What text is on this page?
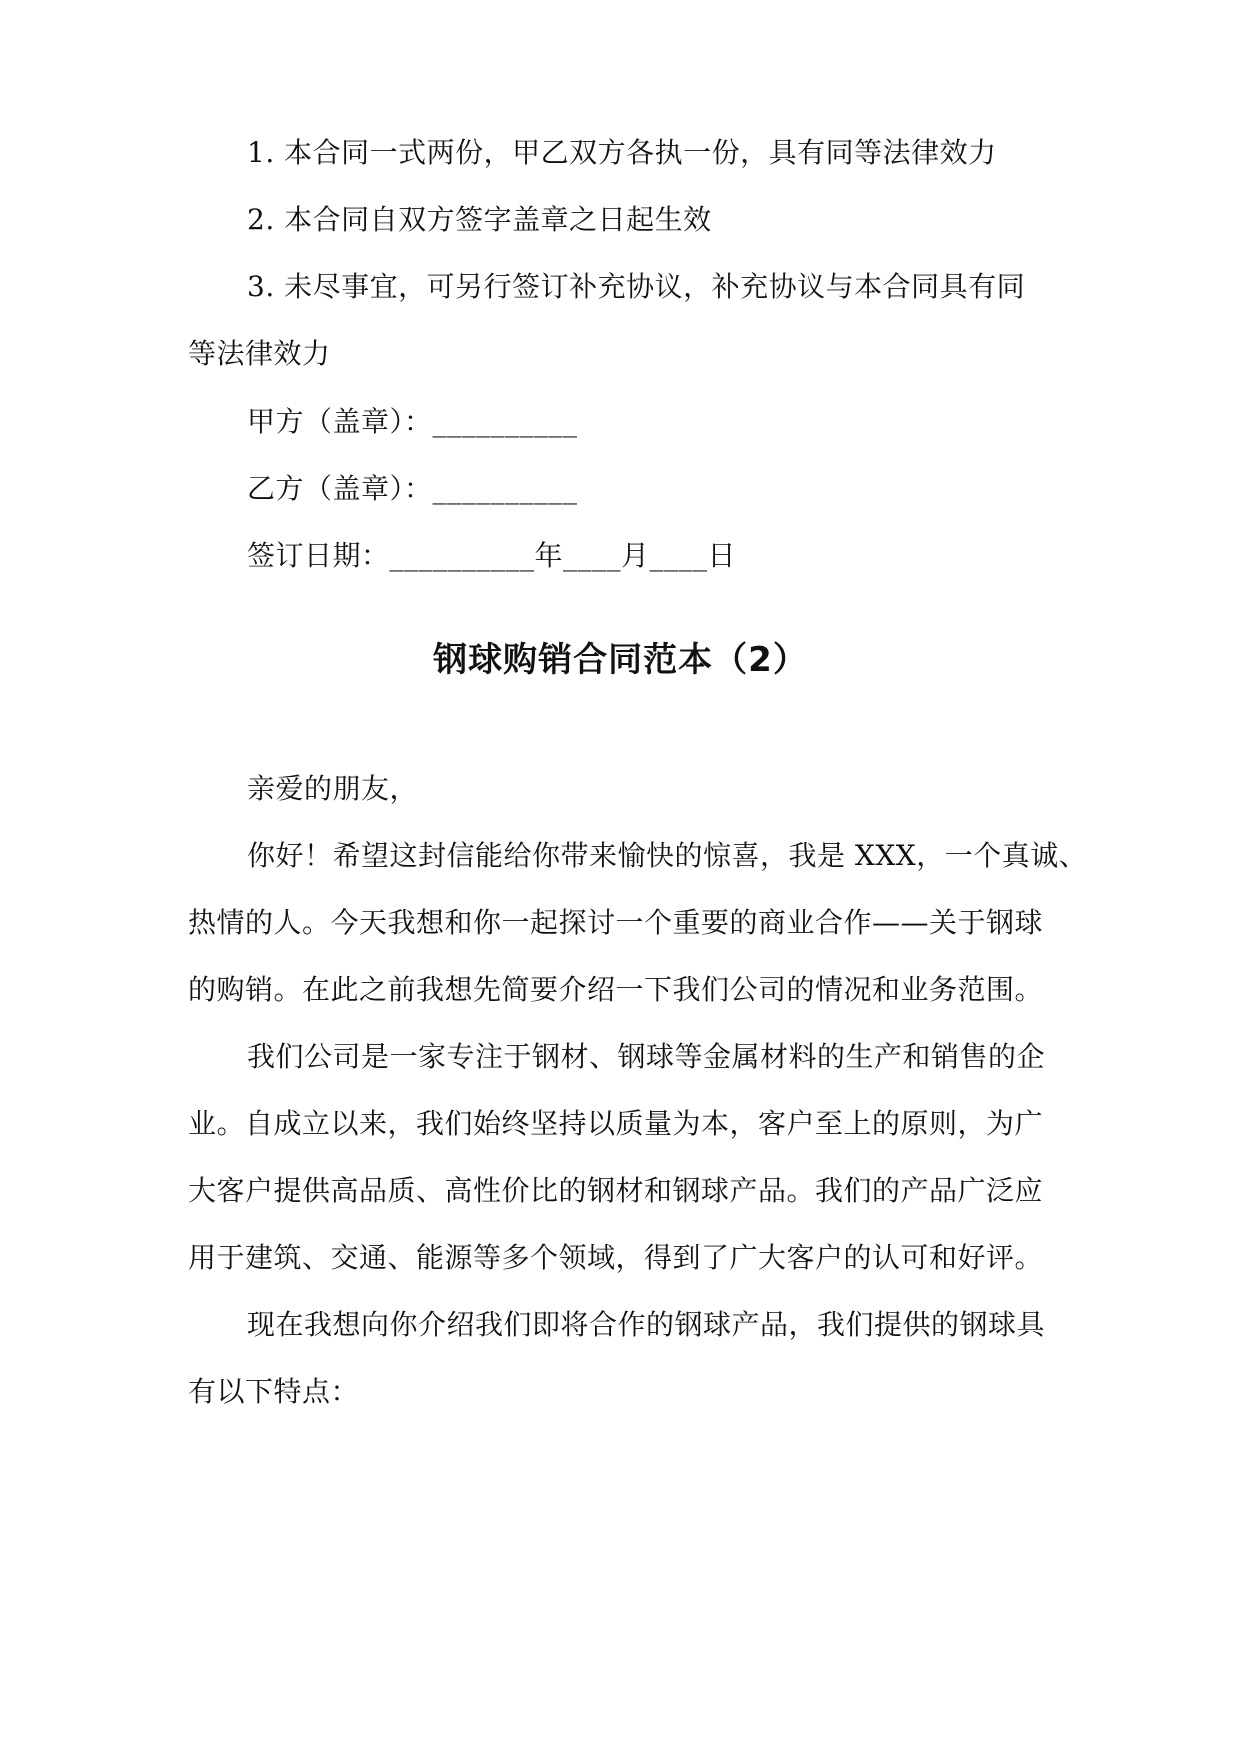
1. 本合同一式两份，甲乙双方各执一份，具有同等法律效力
2. 本合同自双方签字盖章之日起生效
3. 未尽事宜，可另行签订补充协议，补充协议与本合同具有同
等法律效力
甲方（盖章）：__________
乙方（盖章）：__________
签订日期：__________年____月____日
钢球购销合同范本（2）
亲爱的朋友，
你好！希望这封信能给你带来愉快的惊喜，我是 XXX，一个真诚、
热情的人。今天我想和你一起探讨一个重要的商业合作——关于钢球
的购销。在此之前我想先简要介绍一下我们公司的情况和业务范围。
我们公司是一家专注于钢材、钢球等金属材料的生产和销售的企
业。自成立以来，我们始终坚持以质量为本，客户至上的原则，为广
大客户提供高品质、高性价比的钢材和钢球产品。我们的产品广泛应
用于建筑、交通、能源等多个领域，得到了广大客户的认可和好评。
现在我想向你介绍我们即将合作的钢球产品，我们提供的钢球具
有以下特点：
